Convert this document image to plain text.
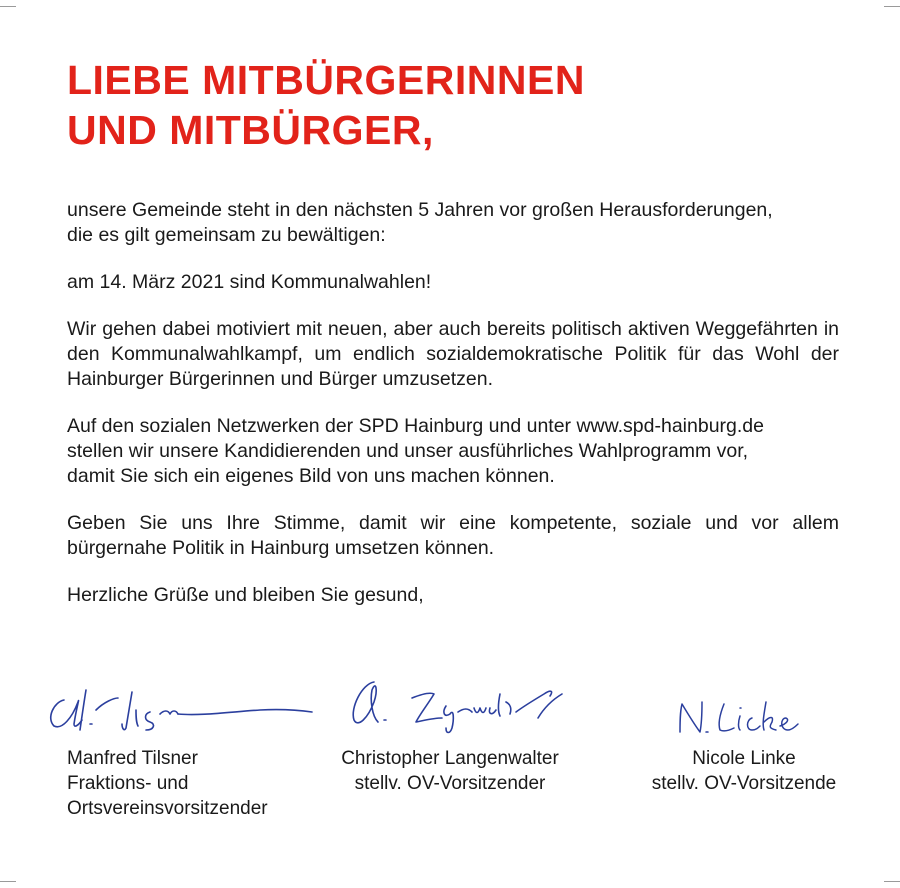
LIEBE MITBÜRGERINNEN
UND MITBÜRGER,

unsere Gemeinde steht in den nächsten 5 Jahren vor großen Herausforderungen,
die es gilt gemeinsam zu bewältigen:

am 14. März 2021 sind Kommunalwahlen!

Wir gehen dabei motiviert mit neuen, aber auch bereits politisch aktiven Weggefährten in den Kommunalwahlkampf, um endlich sozialdemokratische Politik für das Wohl der Hainburger Bürgerinnen und Bürger umzusetzen.

Auf den sozialen Netzwerken der SPD Hainburg und unter www.spd-hainburg.de
stellen wir unsere Kandidierenden und unser ausführliches Wahlprogramm vor,
damit Sie sich ein eigenes Bild von uns machen können.

Geben Sie uns Ihre Stimme, damit wir eine kompetente, soziale und vor allem bürgernahe Politik in Hainburg umsetzen können.

Herzliche Grüße und bleiben Sie gesund,

Manfred Tilsner
Fraktions- und
Ortsvereinsvorsitzender
Christopher Langenwalter
stellv. OV-Vorsitzender
Nicole Linke
stellv. OV-Vorsitzende
